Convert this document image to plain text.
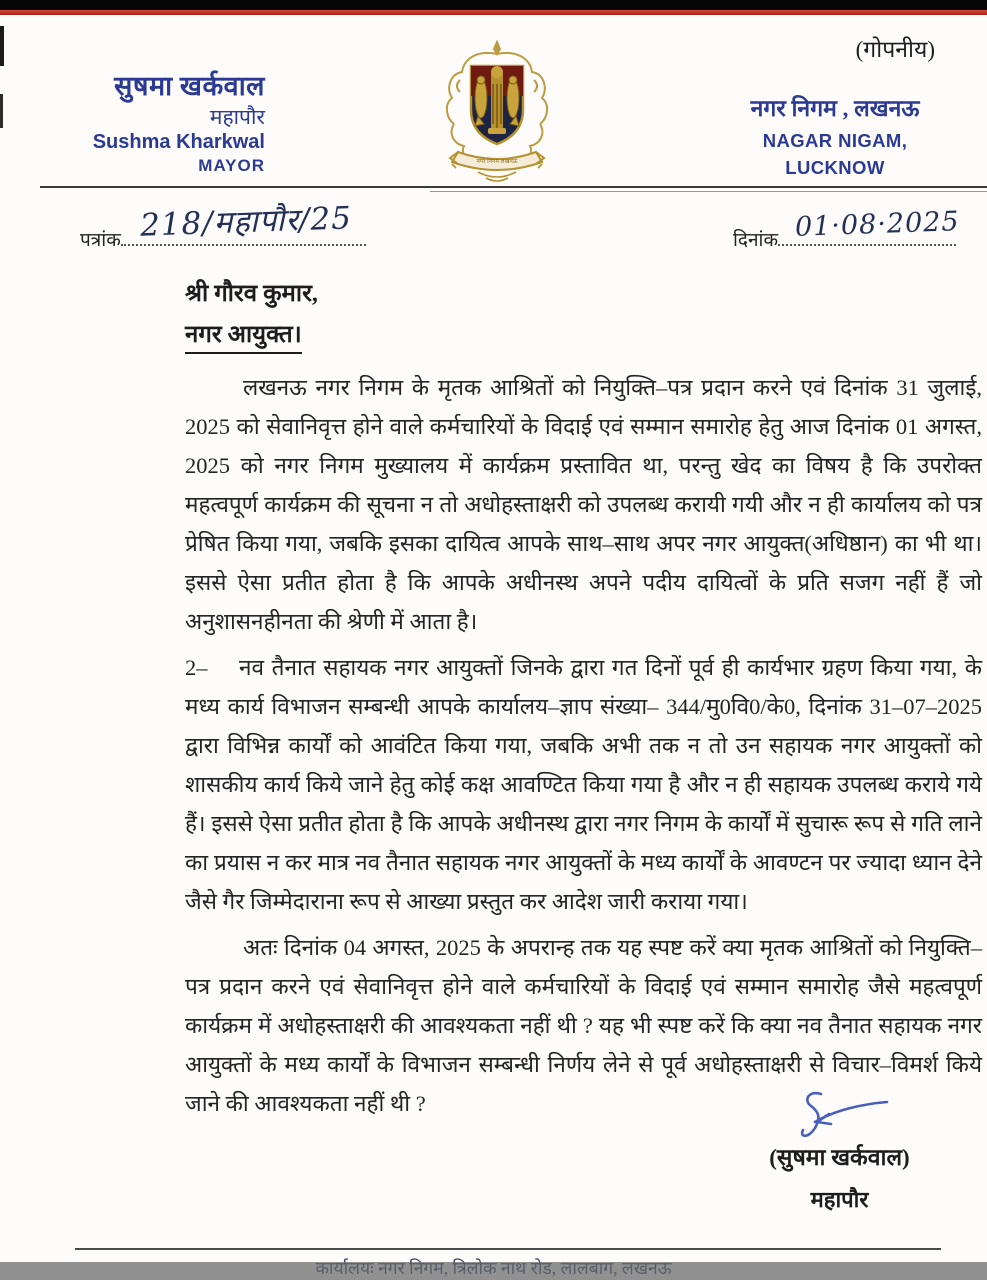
(गोपनीय)
सुषमा खर्कवाल
महापौर
Sushma Kharkwal
MAYOR	नगर निगम लखनऊ
नगर निगम , लखनऊ
NAGAR NIGAM, LUCKNOW
पत्रांक 218/महापौर/25	दिनांक 01·08·2025
श्री गौरव कुमार,
नगर आयुक्त।

लखनऊ नगर निगम के मृतक आश्रितों को नियुक्ति–पत्र प्रदान करने एवं दिनांक 31 जुलाई, 2025 को सेवानिवृत्त होने वाले कर्मचारियों के विदाई एवं सम्मान समारोह हेतु आज दिनांक 01 अगस्त, 2025 को नगर निगम मुख्यालय में कार्यक्रम प्रस्तावित था, परन्तु खेद का विषय है कि उपरोक्त महत्वपूर्ण कार्यक्रम की सूचना न तो अधोहस्ताक्षरी को उपलब्ध करायी गयी और न ही कार्यालय को पत्र प्रेषित किया गया, जबकि इसका दायित्व आपके साथ–साथ अपर नगर आयुक्त(अधिष्ठान) का भी था। इससे ऐसा प्रतीत होता है कि आपके अधीनस्थ अपने पदीय दायित्वों के प्रति सजग नहीं हैं जो अनुशासनहीनता की श्रेणी में आता है।

2– नव तैनात सहायक नगर आयुक्तों जिनके द्वारा गत दिनों पूर्व ही कार्यभार ग्रहण किया गया, के मध्य कार्य विभाजन सम्बन्धी आपके कार्यालय–ज्ञाप संख्या– 344/मु0वि0/के0, दिनांक 31–07–2025 द्वारा विभिन्न कार्यों को आवंटित किया गया, जबकि अभी तक न तो उन सहायक नगर आयुक्तों को शासकीय कार्य किये जाने हेतु कोई कक्ष आवण्टित किया गया है और न ही सहायक उपलब्ध कराये गये हैं। इससे ऐसा प्रतीत होता है कि आपके अधीनस्थ द्वारा नगर निगम के कार्यों में सुचारू रूप से गति लाने का प्रयास न कर मात्र नव तैनात सहायक नगर आयुक्तों के मध्य कार्यों के आवण्टन पर ज्यादा ध्यान देने जैसे गैर जिम्मेदाराना रूप से आख्या प्रस्तुत कर आदेश जारी कराया गया।

अतः दिनांक 04 अगस्त, 2025 के अपरान्ह तक यह स्पष्ट करें क्या मृतक आश्रितों को नियुक्ति–पत्र प्रदान करने एवं सेवानिवृत्त होने वाले कर्मचारियों के विदाई एवं सम्मान समारोह जैसे महत्वपूर्ण कार्यक्रम में अधोहस्ताक्षरी की आवश्यकता नहीं थी ? यह भी स्पष्ट करें कि क्या नव तैनात सहायक नगर आयुक्तों के मध्य कार्यों के विभाजन सम्बन्धी निर्णय लेने से पूर्व अधोहस्ताक्षरी से विचार–विमर्श किये जाने की आवश्यकता नहीं थी ?

(सुषमा खर्कवाल)
महापौर
